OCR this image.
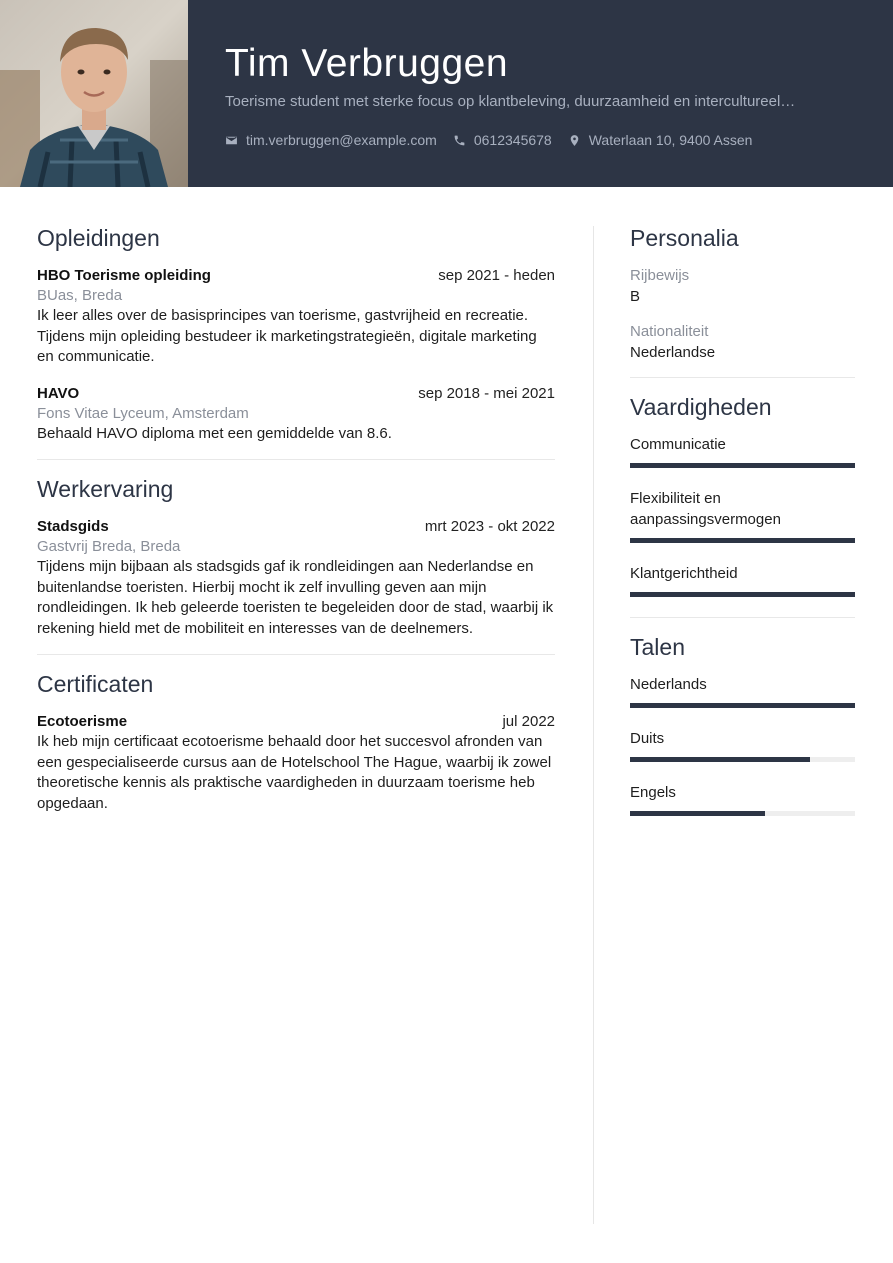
Tim Verbruggen
Toerisme student met sterke focus op klantbeleving, duurzaamheid en intercultureel…
tim.verbruggen@example.com	0612345678	Waterlaan 10, 9400 Assen
Opleidingen
HBO Toerisme opleiding	sep 2021 - heden
BUas, Breda
Ik leer alles over de basisprincipes van toerisme, gastvrijheid en recreatie.
Tijdens mijn opleiding bestudeer ik marketingstrategieën, digitale marketing en communicatie.
HAVO	sep 2018 - mei 2021
Fons Vitae Lyceum, Amsterdam
Behaald HAVO diploma met een gemiddelde van 8.6.
Werkervaring
Stadsgids	mrt 2023 - okt 2022
Gastvrij Breda, Breda
Tijdens mijn bijbaan als stadsgids gaf ik rondleidingen aan Nederlandse en buitenlandse toeristen. Hierbij mocht ik zelf invulling geven aan mijn rondleidingen. Ik heb geleerde toeristen te begeleiden door de stad, waarbij ik rekening hield met de mobiliteit en interesses van de deelnemers.
Certificaten
Ecotoerisme	jul 2022
Ik heb mijn certificaat ecotoerisme behaald door het succesvol afronden van een gespecialiseerde cursus aan de Hotelschool The Hague, waarbij ik zowel theoretische kennis als praktische vaardigheden in duurzaam toerisme heb opgedaan.
Personalia
Rijbewijs
B
Nationaliteit
Nederlandse
Vaardigheden
Communicatie
Flexibiliteit en aanpassingsvermogen
Klantgerichtheid
Talen
Nederlands
Duits
Engels
